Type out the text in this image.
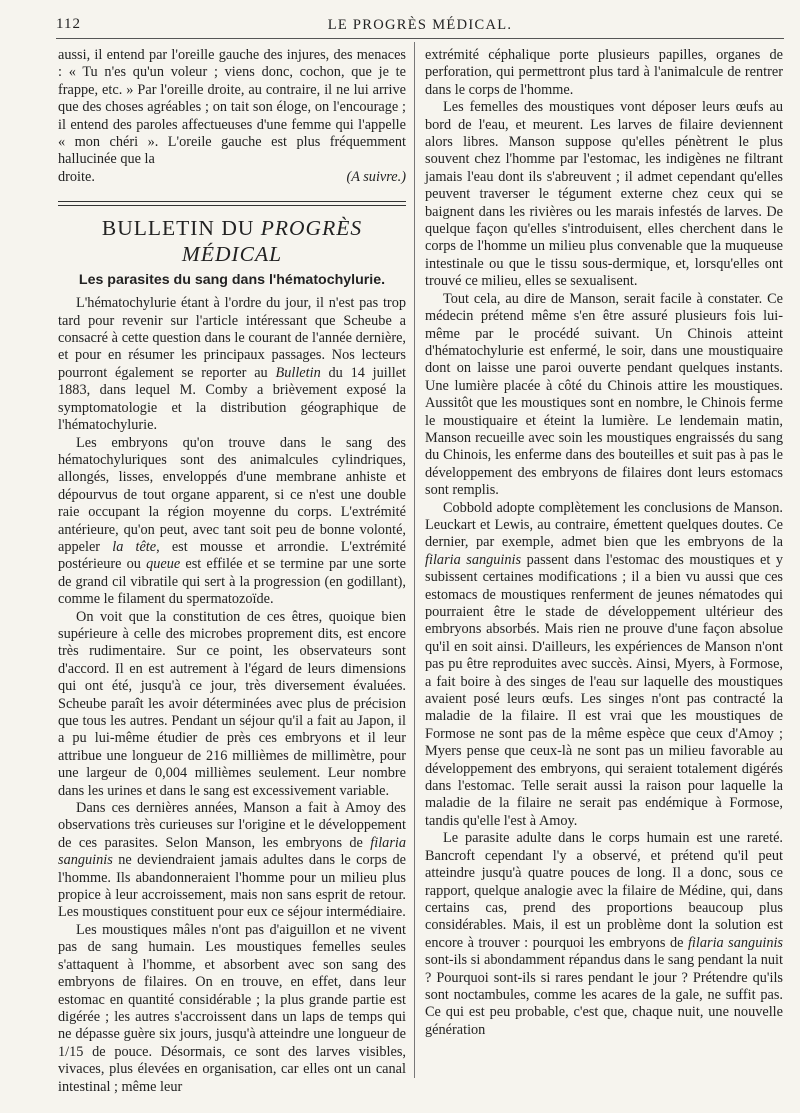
112	LE PROGRÈS MÉDICAL.

aussi, il entend par l'oreille gauche des injures, des menaces : « Tu n'es qu'un voleur ; viens donc, cochon, que je te frappe, etc. » Par l'oreille droite, au contraire, il ne lui arrive que des choses agréables ; on tait son éloge, on l'encourage ; il entend des paroles affectueuses d'une femme qui l'appelle « mon chéri ». L'oreile gauche est plus fréquemment hallucinée que la

droite.	(A suivre.)
BULLETIN DU PROGRÈS MÉDICAL
Les parasites du sang dans l'hématochylurie.

L'hématochylurie étant à l'ordre du jour, il n'est pas trop tard pour revenir sur l'article intéressant que Scheube a consacré à cette question dans le courant de l'année dernière, et pour en résumer les principaux passages. Nos lecteurs pourront également se reporter au Bulletin du 14 juillet 1883, dans lequel M. Comby a brièvement exposé la symptomatologie et la distribution géographique de l'hématochylurie.

Les embryons qu'on trouve dans le sang des hématochyluriques sont des animalcules cylindriques, allongés, lisses, enveloppés d'une membrane anhiste et dépourvus de tout organe apparent, si ce n'est une double raie occupant la région moyenne du corps. L'extrémité antérieure, qu'on peut, avec tant soit peu de bonne volonté, appeler la tête, est mousse et arrondie. L'extrémité postérieure ou queue est effilée et se termine par une sorte de grand cil vibratile qui sert à la progression (en godillant), comme le filament du spermatozoïde.

On voit que la constitution de ces êtres, quoique bien supérieure à celle des microbes proprement dits, est encore très rudimentaire. Sur ce point, les observateurs sont d'accord. Il en est autrement à l'égard de leurs dimensions qui ont été, jusqu'à ce jour, très diversement évaluées. Scheube paraît les avoir déterminées avec plus de précision que tous les autres. Pendant un séjour qu'il a fait au Japon, il a pu lui-même étudier de près ces embryons et il leur attribue une longueur de 216 millièmes de millimètre, pour une largeur de 0,004 millièmes seulement. Leur nombre dans les urines et dans le sang est excessivement variable.

Dans ces dernières années, Manson a fait à Amoy des observations très curieuses sur l'origine et le développement de ces parasites. Selon Manson, les embryons de filaria sanguinis ne deviendraient jamais adultes dans le corps de l'homme. Ils abandonneraient l'homme pour un milieu plus propice à leur accroissement, mais non sans esprit de retour. Les moustiques constituent pour eux ce séjour intermédiaire.

Les moustiques mâles n'ont pas d'aiguillon et ne vivent pas de sang humain. Les moustiques femelles seules s'attaquent à l'homme, et absorbent avec son sang des embryons de filaires. On en trouve, en effet, dans leur estomac en quantité considérable ; la plus grande partie est digérée ; les autres s'accroissent dans un laps de temps qui ne dépasse guère six jours, jusqu'à atteindre une longueur de 1/15 de pouce. Désormais, ce sont des larves visibles, vivaces, plus élevées en organisation, car elles ont un canal intestinal ; même leur

extrémité céphalique porte plusieurs papilles, organes de perforation, qui permettront plus tard à l'animalcule de rentrer dans le corps de l'homme.

Les femelles des moustiques vont déposer leurs œufs au bord de l'eau, et meurent. Les larves de filaire deviennent alors libres. Manson suppose qu'elles pénètrent le plus souvent chez l'homme par l'estomac, les indigènes ne filtrant jamais l'eau dont ils s'abreuvent ; il admet cependant qu'elles peuvent traverser le tégument externe chez ceux qui se baignent dans les rivières ou les marais infestés de larves. De quelque façon qu'elles s'introduisent, elles cherchent dans le corps de l'homme un milieu plus convenable que la muqueuse intestinale ou que le tissu sous-dermique, et, lorsqu'elles ont trouvé ce milieu, elles se sexualisent.

Tout cela, au dire de Manson, serait facile à constater. Ce médecin prétend même s'en être assuré plusieurs fois lui-même par le procédé suivant. Un Chinois atteint d'hématochylurie est enfermé, le soir, dans une moustiquaire dont on laisse une paroi ouverte pendant quelques instants. Une lumière placée à côté du Chinois attire les moustiques. Aussitôt que les moustiques sont en nombre, le Chinois ferme le moustiquaire et éteint la lumière. Le lendemain matin, Manson recueille avec soin les moustiques engraissés du sang du Chinois, les enferme dans des bouteilles et suit pas à pas le développement des embryons de filaires dont leurs estomacs sont remplis.

Cobbold adopte complètement les conclusions de Manson. Leuckart et Lewis, au contraire, émettent quelques doutes. Ce dernier, par exemple, admet bien que les embryons de la filaria sanguinis passent dans l'estomac des moustiques et y subissent certaines modifications ; il a bien vu aussi que ces estomacs de moustiques renferment de jeunes nématodes qui pourraient être le stade de développement ultérieur des embryons absorbés. Mais rien ne prouve d'une façon absolue qu'il en soit ainsi. D'ailleurs, les expériences de Manson n'ont pas pu être reproduites avec succès. Ainsi, Myers, à Formose, a fait boire à des singes de l'eau sur laquelle des moustiques avaient posé leurs œufs. Les singes n'ont pas contracté la maladie de la filaire. Il est vrai que les moustiques de Formose ne sont pas de la même espèce que ceux d'Amoy ; Myers pense que ceux-là ne sont pas un milieu favorable au développement des embryons, qui seraient totalement digérés dans l'estomac. Telle serait aussi la raison pour laquelle la maladie de la filaire ne serait pas endémique à Formose, tandis qu'elle l'est à Amoy.

Le parasite adulte dans le corps humain est une rareté. Bancroft cependant l'y a observé, et prétend qu'il peut atteindre jusqu'à quatre pouces de long. Il a donc, sous ce rapport, quelque analogie avec la filaire de Médine, qui, dans certains cas, prend des proportions beaucoup plus considérables. Mais, il est un problème dont la solution est encore à trouver : pourquoi les embryons de filaria sanguinis sont-ils si abondamment répandus dans le sang pendant la nuit ? Pourquoi sont-ils si rares pendant le jour ? Prétendre qu'ils sont noctambules, comme les acares de la gale, ne suffit pas. Ce qui est peu probable, c'est que, chaque nuit, une nouvelle génération
